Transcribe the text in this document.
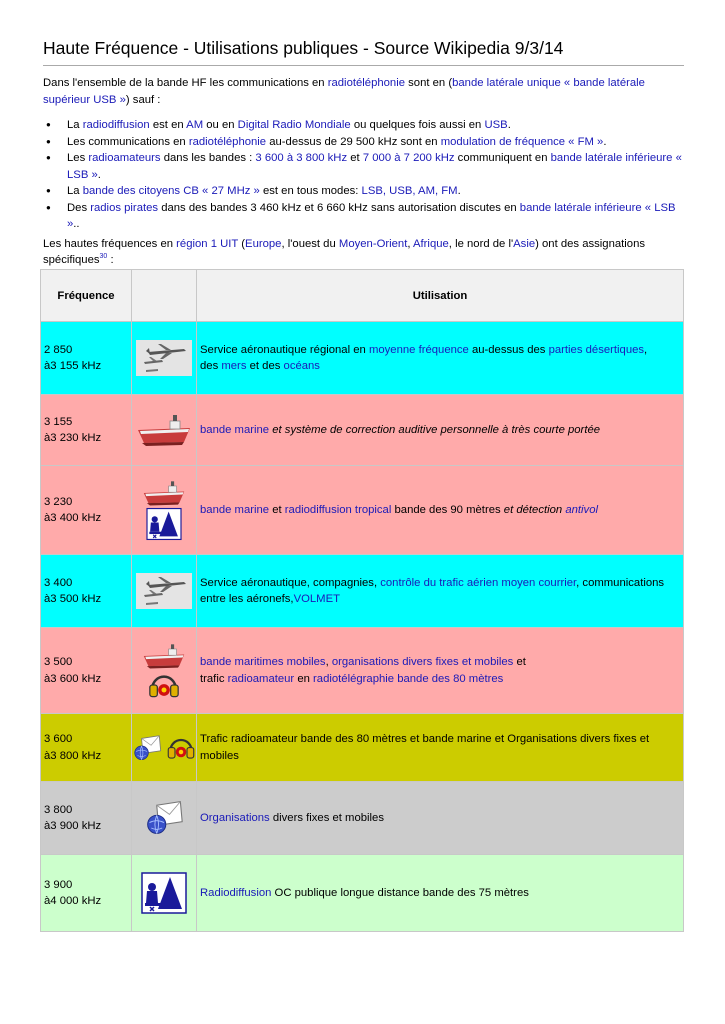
Haute Fréquence - Utilisations publiques - Source Wikipedia 9/3/14

Dans l'ensemble de la bande HF les communications en radiotéléphonie sont en (bande latérale unique « bande latérale supérieur USB ») sauf :

● La radiodiffusion est en AM ou en Digital Radio Mondiale ou quelques fois aussi en USB.
● Les communications en radiotéléphonie au-dessus de 29 500 kHz sont en modulation de fréquence « FM ».
● Les radioamateurs dans les bandes : 3 600 à 3 800 kHz et 7 000 à 7 200 kHz communiquent en bande latérale inférieure « LSB ».
● La bande des citoyens CB « 27 MHz » est en tous modes: LSB, USB, AM, FM.
● Des radios pirates dans des bandes 3 460 kHz et 6 660 kHz sans autorisation discutes en bande latérale inférieure « LSB »..

Les hautes fréquences en région 1 UIT (Europe, l'ouest du Moyen-Orient, Afrique, le nord de l'Asie) ont des assignations spécifiques$^{30}$ :

Fréquence		Utilisation
2 850
à3 155 kHz		Service aéronautique régional en moyenne fréquence au-dessus des parties désertiques,
des mers et des océans
3 155
à3 230 kHz		bande marine et système de correction auditive personnelle à très courte portée
3 230
à3 400 kHz		bande marine et radiodiffusion tropical bande des 90 mètres et détection antivol
3 400
à3 500 kHz		Service aéronautique, compagnies, contrôle du trafic aérien moyen courrier, communications
entre les aéronefs,VOLMET
3 500
à3 600 kHz		bande maritimes mobiles, organisations divers fixes et mobiles et
trafic radioamateur en radiotélégraphie bande des 80 mètres
3 600
à3 800 kHz		Trafic radioamateur bande des 80 mètres et bande marine et Organisations divers fixes et mobiles
3 800
à3 900 kHz		Organisations divers fixes et mobiles
3 900
à4 000 kHz		Radiodiffusion OC publique longue distance bande des 75 mètres
